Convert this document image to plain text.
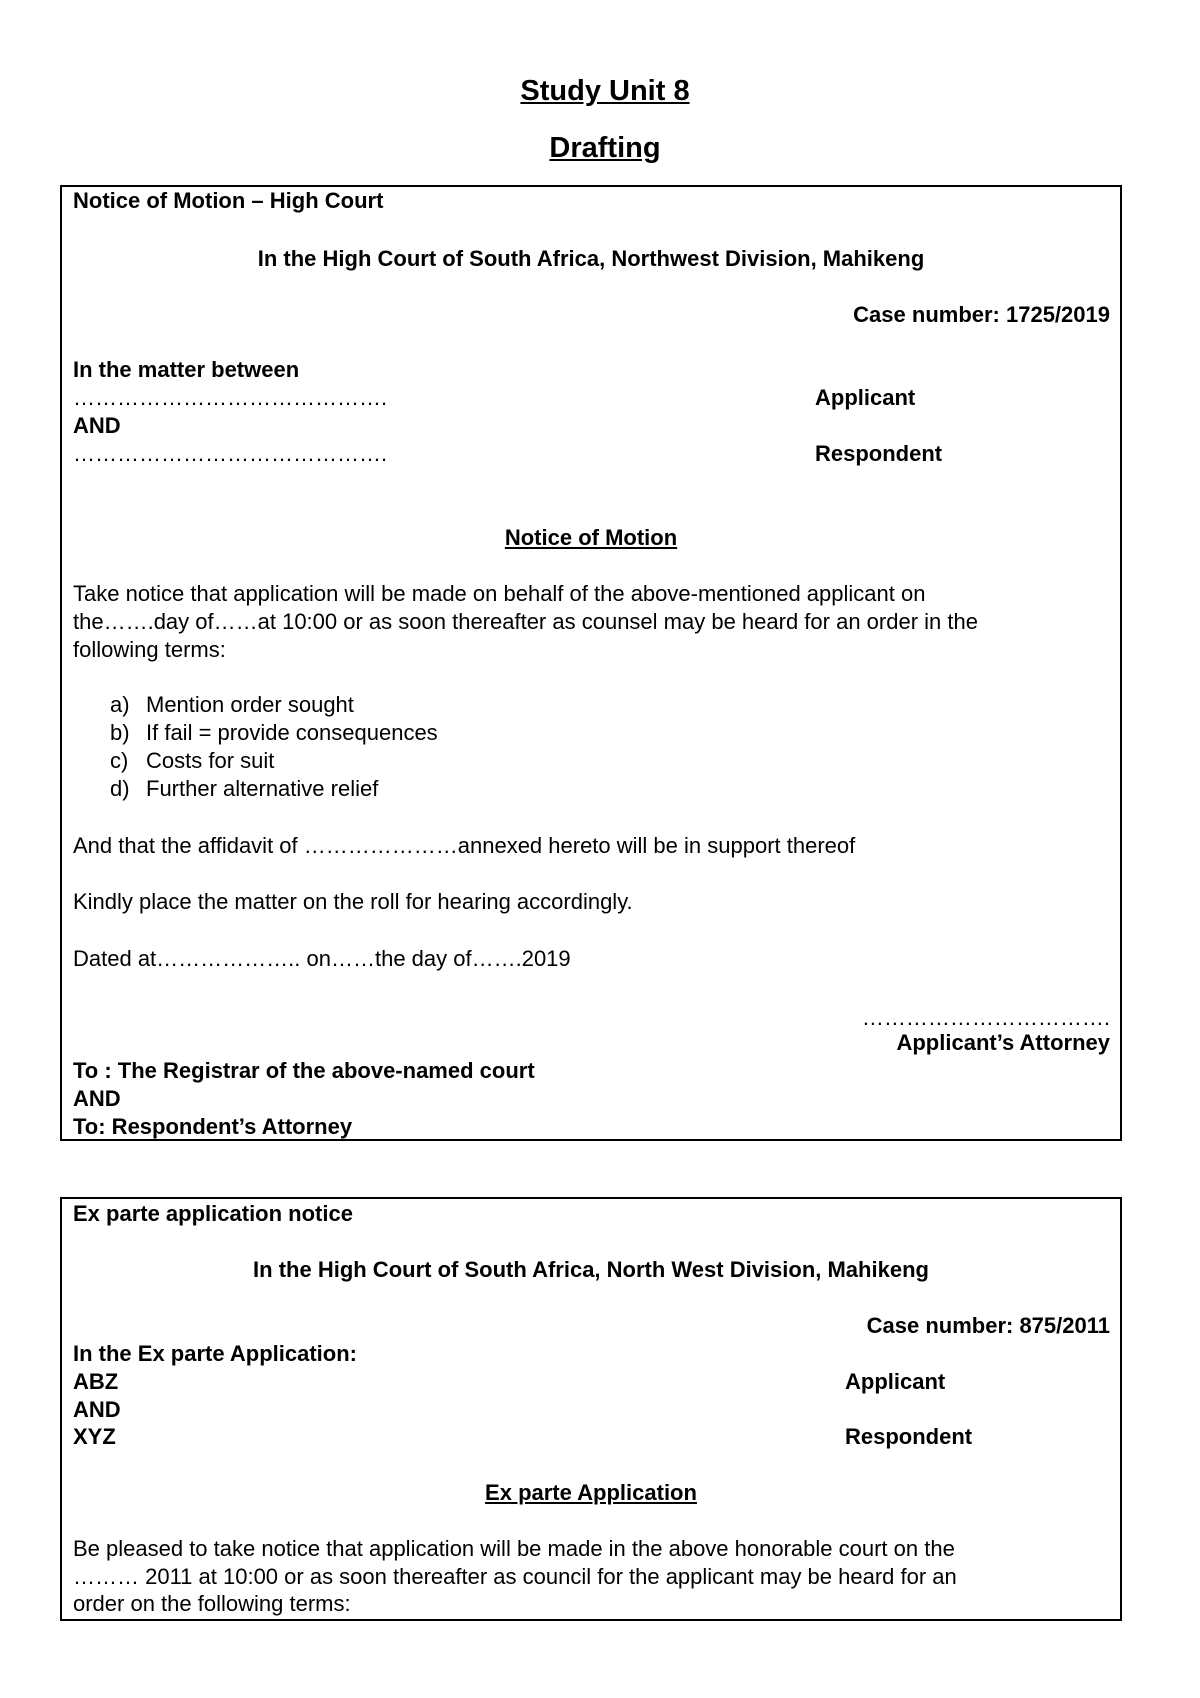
Study Unit 8
Drafting
Notice of Motion – High Court
In the High Court of South Africa, Northwest Division, Mahikeng
Case number: 1725/2019
In the matter between
…………………………………….	Applicant
AND
…………………………………….	Respondent
Notice of Motion
Take notice that application will be made on behalf of the above-mentioned applicant on
the…….day of……at 10:00 or as soon thereafter as counsel may be heard for an order in the
following terms:
a) Mention order sought
b) If fail = provide consequences
c) Costs for suit
d) Further alternative relief
And that the affidavit of …………………annexed hereto will be in support thereof
Kindly place the matter on the roll for hearing accordingly.
Dated at……………….. on……the day of…….2019
…………………………….
Applicant’s Attorney
To : The Registrar of the above-named court
AND
To: Respondent’s Attorney
Ex parte application notice
In the High Court of South Africa, North West Division, Mahikeng
Case number: 875/2011
In the Ex parte Application:
ABZ	Applicant
AND
XYZ	Respondent
Ex parte Application
Be pleased to take notice that application will be made in the above honorable court on the
……… 2011 at 10:00 or as soon thereafter as council for the applicant may be heard for an
order on the following terms:
